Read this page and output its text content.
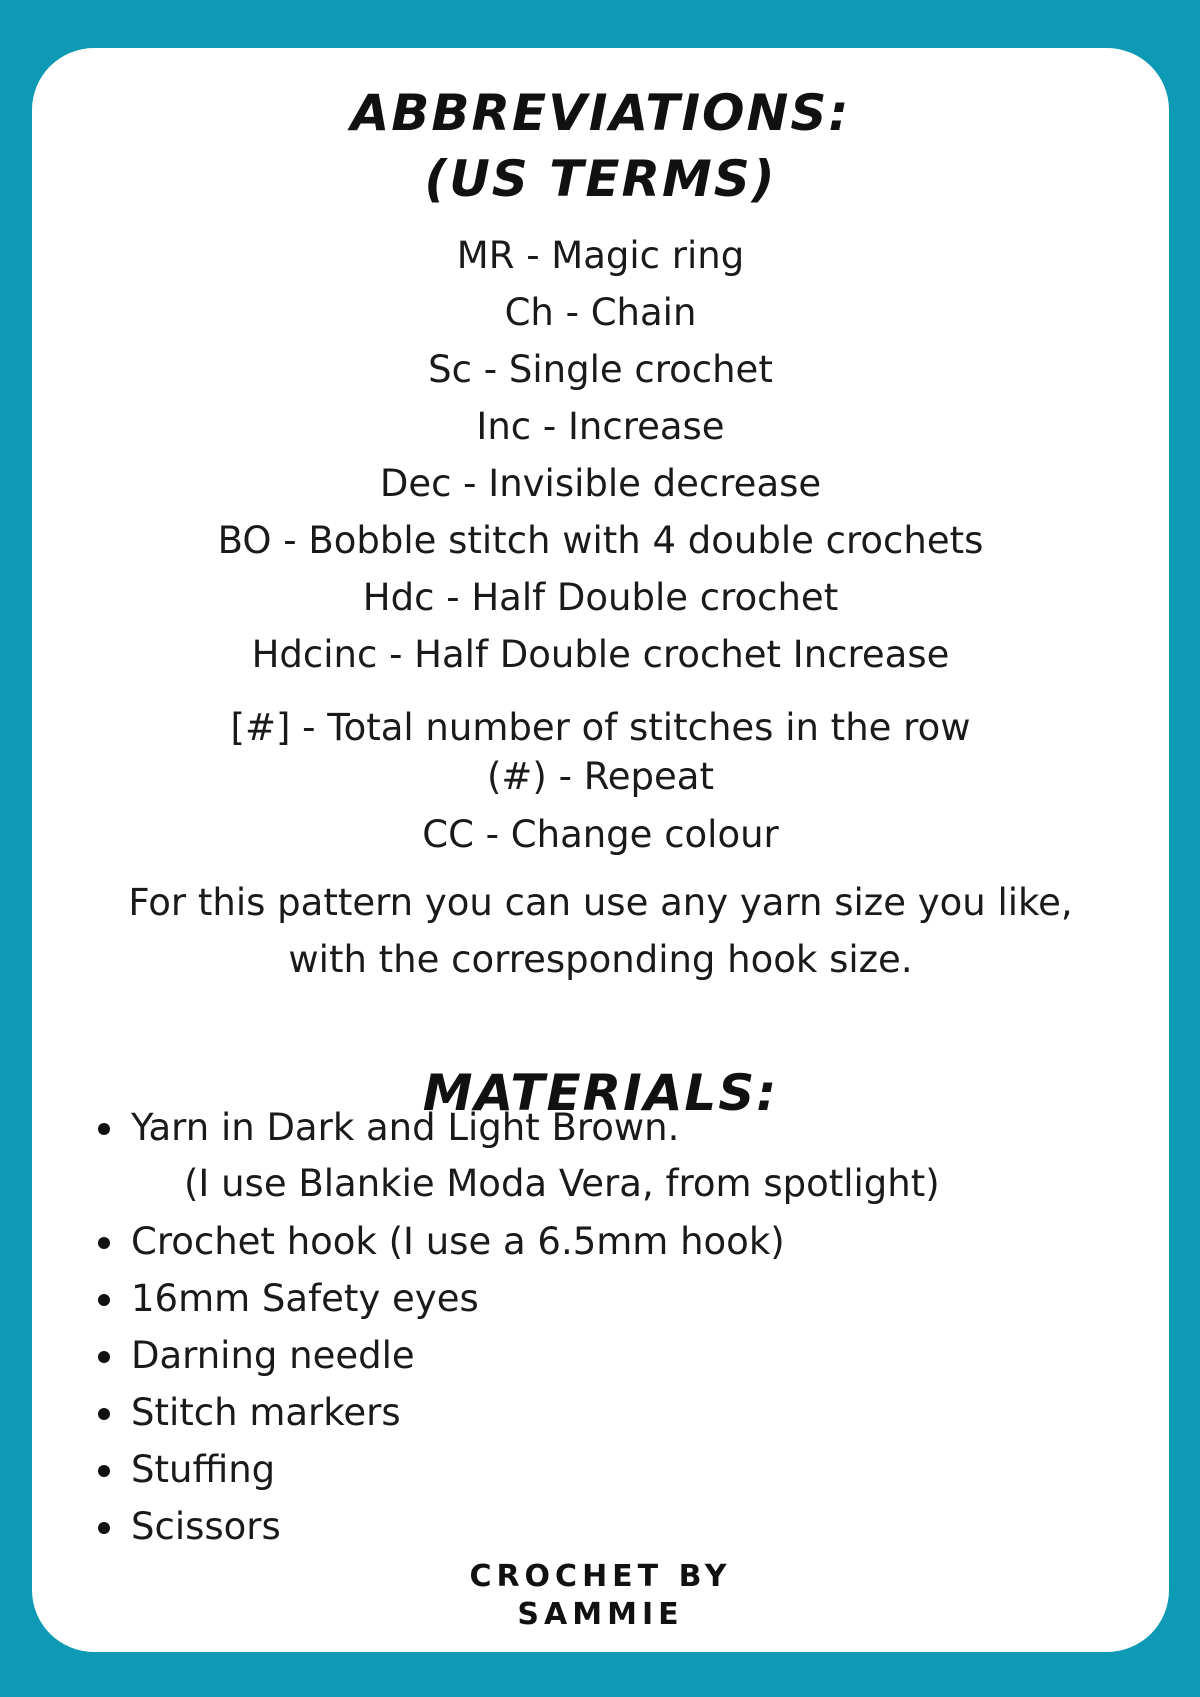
ABBREVIATIONS:
(US TERMS)
MR - Magic ring
Ch - Chain
Sc - Single crochet
Inc - Increase
Dec - Invisible decrease
BO - Bobble stitch with 4 double crochets
Hdc - Half Double crochet
Hdcinc - Half Double crochet Increase
[#] - Total number of stitches in the row
(#) - Repeat
CC - Change colour
For this pattern you can use any yarn size you like,
with the corresponding hook size.
MATERIALS:
Yarn in Dark and Light Brown.
(I use Blankie Moda Vera, from spotlight)
Crochet hook (I use a 6.5mm hook)
16mm Safety eyes
Darning needle
Stitch markers
Stuffing
Scissors
CROCHET BY
SAMMIE
